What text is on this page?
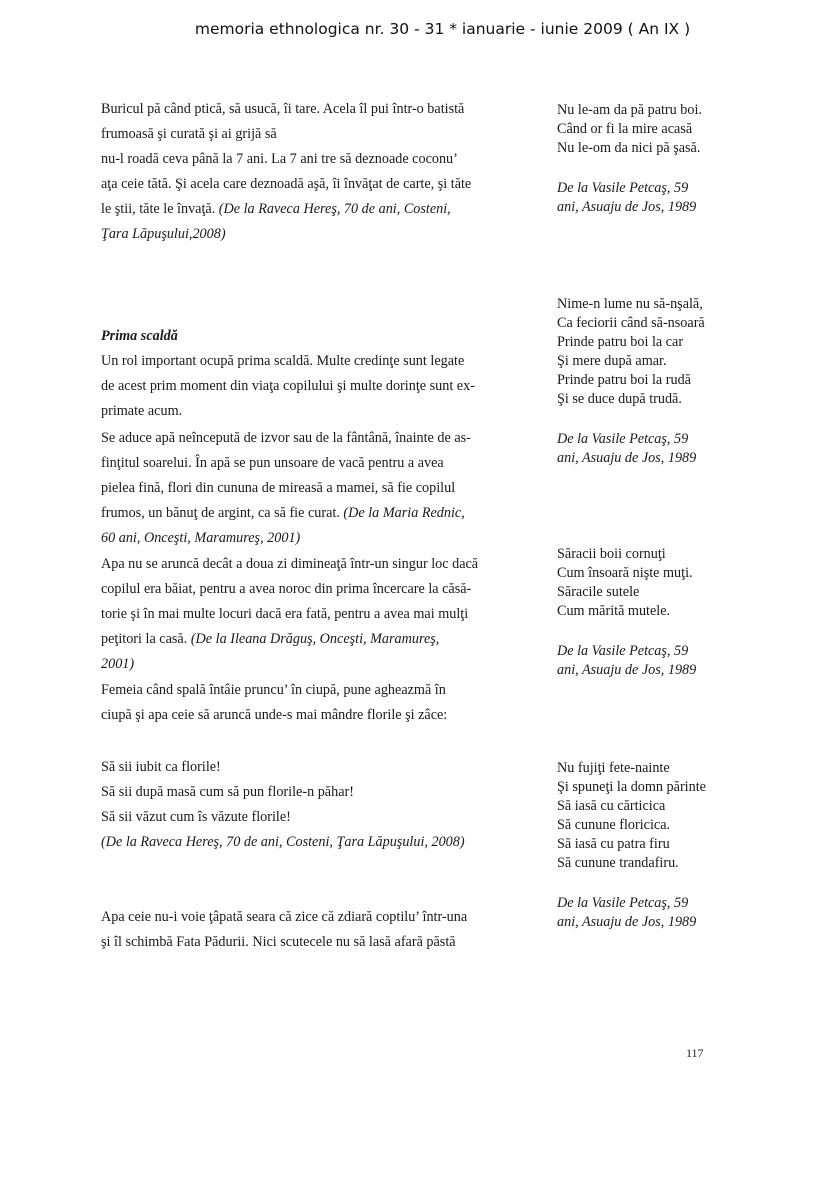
memoria ethnologica nr. 30 - 31 * ianuarie - iunie 2009 ( An IX )
Buricul pă când ptică, să usucă, îi tare. Acela îl pui într-o batistă
frumoasă şi curată şi ai grijă să
nu-l roadă ceva până la 7 ani. La 7 ani tre să deznoade coconu’
aţa ceie tătă. Şi acela care deznoadă aşă, îi învăţat de carte, şi tăte
le ştii, tăte le învaţă. (De la Raveca Hereş, 70 de ani, Costeni,
Ţara Lăpuşului,2008)
Prima scaldă
Un rol important ocupă prima scaldă. Multe credinţe sunt legate
de acest prim moment din viaţa copilului şi multe dorinţe sunt ex-
primate acum.
Se aduce apă neîncepută de izvor sau de la fântână, înainte de as-
finţitul soarelui. În apă se pun unsoare de vacă pentru a avea
pielea fină, flori din cununa de mireasă a mamei, să fie copilul
frumos, un bănuţ de argint, ca să fie curat. (De la Maria Rednic,
60 ani, Onceşti, Maramureş, 2001)
Apa nu se aruncă decât a doua zi dimineaţă într-un singur loc dacă
copilul era băiat, pentru a avea noroc din prima încercare la căsă-
torie şi în mai multe locuri dacă era fată, pentru a avea mai mulţi
peţitori la casă. (De la Ileana Drăguş, Onceşti, Maramureş,
2001)
Femeia când spală întâie pruncu’ în ciupă, pune agheazmă în
ciupă şi apa ceie să aruncă unde-s mai mândre florile şi zâce:
Să sii iubit ca florile!
Să sii după masă cum să pun florile-n păhar!
Să sii văzut cum îs văzute florile!
(De la Raveca Hereş, 70 de ani, Costeni, Ţara Lăpuşului, 2008)
Apa ceie nu-i voie ţâpată seara că zice că zdiară coptilu’ într-una
şi îl schimbă Fata Pădurii. Nici scutecele nu să lasă afară păstă
Nu le-am da pă patru boi.
Când or fi la mire acasă
Nu le-om da nici pă şasă.
De la Vasile Petcaş, 59
ani, Asuaju de Jos, 1989
Nime-n lume nu să-nşală,
Ca feciorii când să-nsoară
Prinde patru boi la car
Şi mere după amar.
Prinde patru boi la rudă
Şi se duce după trudă.
De la Vasile Petcaş, 59
ani, Asuaju de Jos, 1989
Săracii boii cornuţi
Cum însoară nişte muţi.
Săracile sutele
Cum mărită mutele.
De la Vasile Petcaş, 59
ani, Asuaju de Jos, 1989
Nu fujiţi fete-nainte
Şi spuneţi la domn părinte
Să iasă cu cărticica
Să cunune floricica.
Să iasă cu patra firu
Să cunune trandafiru.
De la Vasile Petcaş, 59
ani, Asuaju de Jos, 1989
117
